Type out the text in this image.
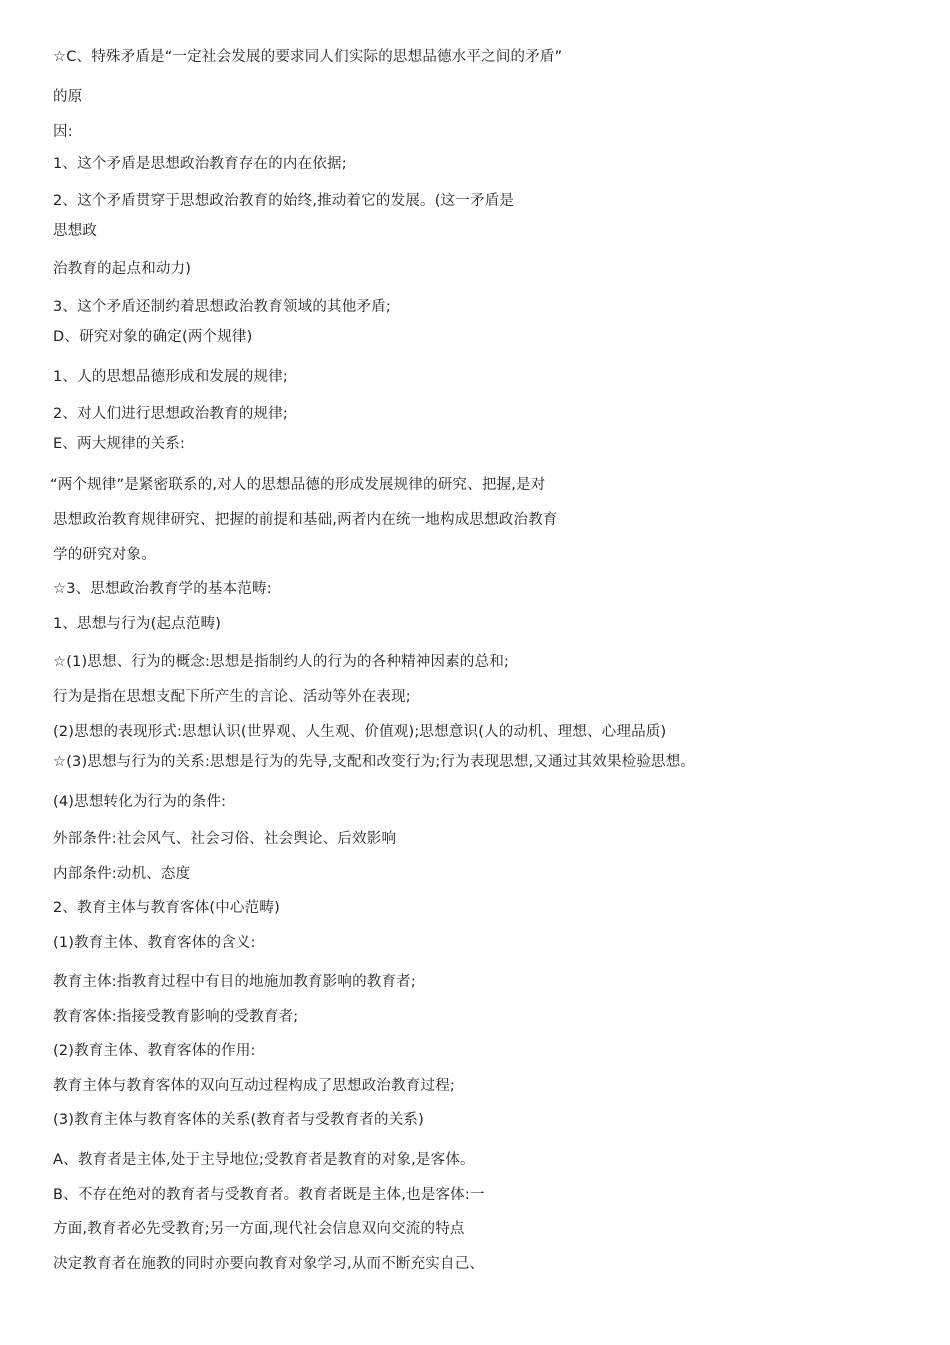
☆C、特殊矛盾是“一定社会发展的要求同人们实际的思想品德水平之间的矛盾”
的原
因:
1、这个矛盾是思想政治教育存在的内在依据;
2、这个矛盾贯穿于思想政治教育的始终,推动着它的发展。(这一矛盾是
思想政
治教育的起点和动力)
3、这个矛盾还制约着思想政治教育领域的其他矛盾;
D、研究对象的确定(两个规律)
1、人的思想品德形成和发展的规律;
2、对人们进行思想政治教育的规律;
E、两大规律的关系:
“两个规律”是紧密联系的,对人的思想品德的形成发展规律的研究、把握,是对
思想政治教育规律研究、把握的前提和基础,两者内在统一地构成思想政治教育
学的研究对象。
☆3、思想政治教育学的基本范畴:
1、思想与行为(起点范畴)
☆(1)思想、行为的概念:思想是指制约人的行为的各种精神因素的总和;
行为是指在思想支配下所产生的言论、活动等外在表现;
(2)思想的表现形式:思想认识(世界观、人生观、价值观);思想意识(人的动机、理想、心理品质)
☆(3)思想与行为的关系:思想是行为的先导,支配和改变行为;行为表现思想,又通过其效果检验思想。
(4)思想转化为行为的条件:
外部条件:社会风气、社会习俗、社会舆论、后效影响
内部条件:动机、态度
2、教育主体与教育客体(中心范畴)
(1)教育主体、教育客体的含义:
教育主体:指教育过程中有目的地施加教育影响的教育者;
教育客体:指接受教育影响的受教育者;
(2)教育主体、教育客体的作用:
教育主体与教育客体的双向互动过程构成了思想政治教育过程;
(3)教育主体与教育客体的关系(教育者与受教育者的关系)
A、教育者是主体,处于主导地位;受教育者是教育的对象,是客体。
B、不存在绝对的教育者与受教育者。教育者既是主体,也是客体:一
方面,教育者必先受教育;另一方面,现代社会信息双向交流的特点
决定教育者在施教的同时亦要向教育对象学习,从而不断充实自己、
